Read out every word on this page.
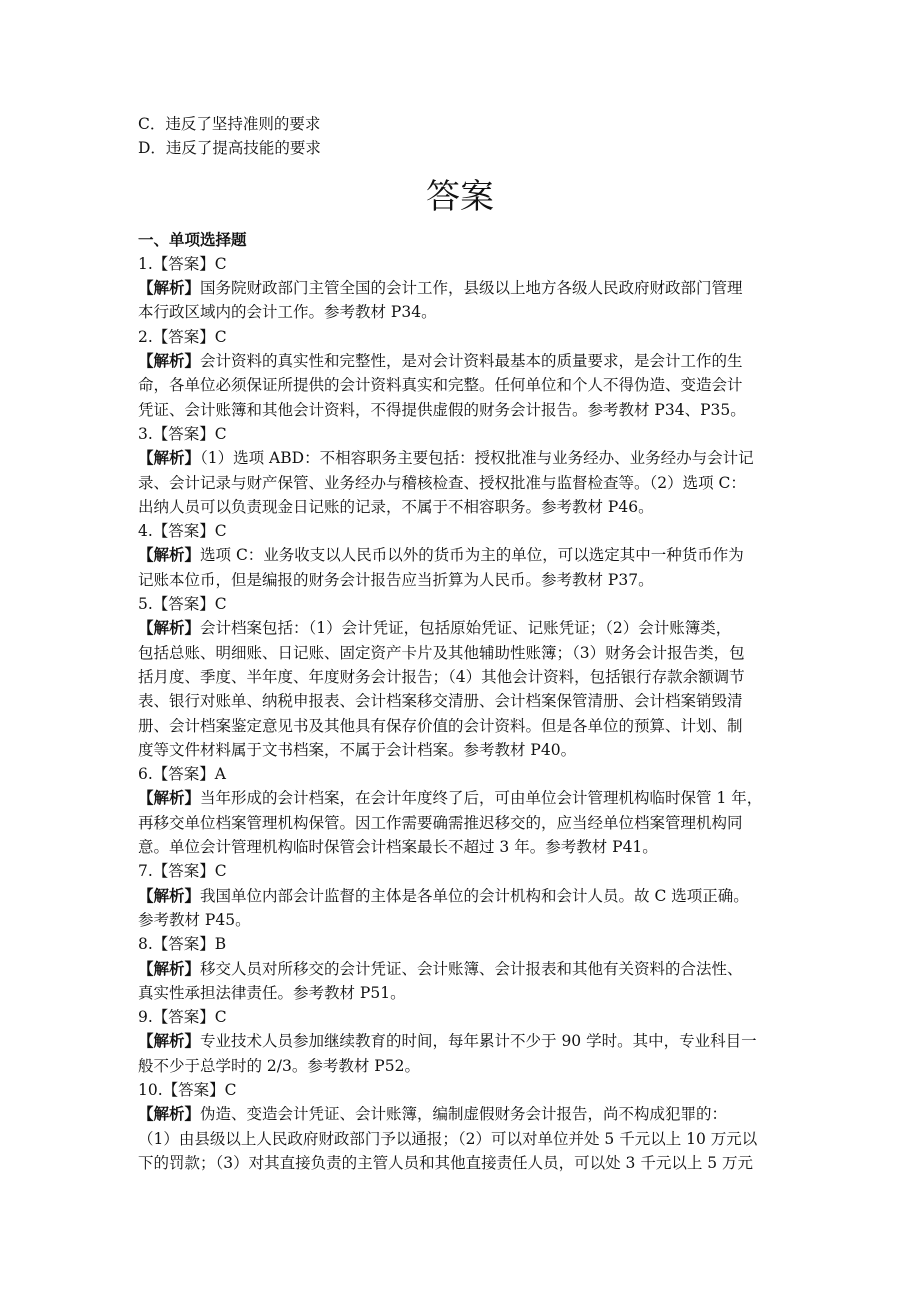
C．违反了坚持准则的要求
D．违反了提高技能的要求
答案
一、单项选择题
1.【答案】C
【解析】国务院财政部门主管全国的会计工作，县级以上地方各级人民政府财政部门管理
本行政区域内的会计工作。参考教材 P34。
2.【答案】C
【解析】会计资料的真实性和完整性，是对会计资料最基本的质量要求，是会计工作的生
命，各单位必须保证所提供的会计资料真实和完整。任何单位和个人不得伪造、变造会计
凭证、会计账簿和其他会计资料，不得提供虚假的财务会计报告。参考教材 P34、P35。
3.【答案】C
【解析】（1）选项 ABD：不相容职务主要包括：授权批准与业务经办、业务经办与会计记
录、会计记录与财产保管、业务经办与稽核检查、授权批准与监督检查等。（2）选项 C：
出纳人员可以负责现金日记账的记录，不属于不相容职务。参考教材 P46。
4.【答案】C
【解析】选项 C：业务收支以人民币以外的货币为主的单位，可以选定其中一种货币作为
记账本位币，但是编报的财务会计报告应当折算为人民币。参考教材 P37。
5.【答案】C
【解析】会计档案包括：（1）会计凭证，包括原始凭证、记账凭证；（2）会计账簿类，
包括总账、明细账、日记账、固定资产卡片及其他辅助性账簿；（3）财务会计报告类，包
括月度、季度、半年度、年度财务会计报告；（4）其他会计资料，包括银行存款余额调节
表、银行对账单、纳税申报表、会计档案移交清册、会计档案保管清册、会计档案销毁清
册、会计档案鉴定意见书及其他具有保存价值的会计资料。但是各单位的预算、计划、制
度等文件材料属于文书档案，不属于会计档案。参考教材 P40。
6.【答案】A
【解析】当年形成的会计档案，在会计年度终了后，可由单位会计管理机构临时保管 1 年，
再移交单位档案管理机构保管。因工作需要确需推迟移交的，应当经单位档案管理机构同
意。单位会计管理机构临时保管会计档案最长不超过 3 年。参考教材 P41。
7.【答案】C
【解析】我国单位内部会计监督的主体是各单位的会计机构和会计人员。故 C 选项正确。
参考教材 P45。
8.【答案】B
【解析】移交人员对所移交的会计凭证、会计账簿、会计报表和其他有关资料的合法性、
真实性承担法律责任。参考教材 P51。
9.【答案】C
【解析】专业技术人员参加继续教育的时间，每年累计不少于 90 学时。其中，专业科目一
般不少于总学时的 2/3。参考教材 P52。
10.【答案】C
【解析】伪造、变造会计凭证、会计账簿，编制虚假财务会计报告，尚不构成犯罪的：
（1）由县级以上人民政府财政部门予以通报；（2）可以对单位并处 5 千元以上 10 万元以
下的罚款；（3）对其直接负责的主管人员和其他直接责任人员，可以处 3 千元以上 5 万元
